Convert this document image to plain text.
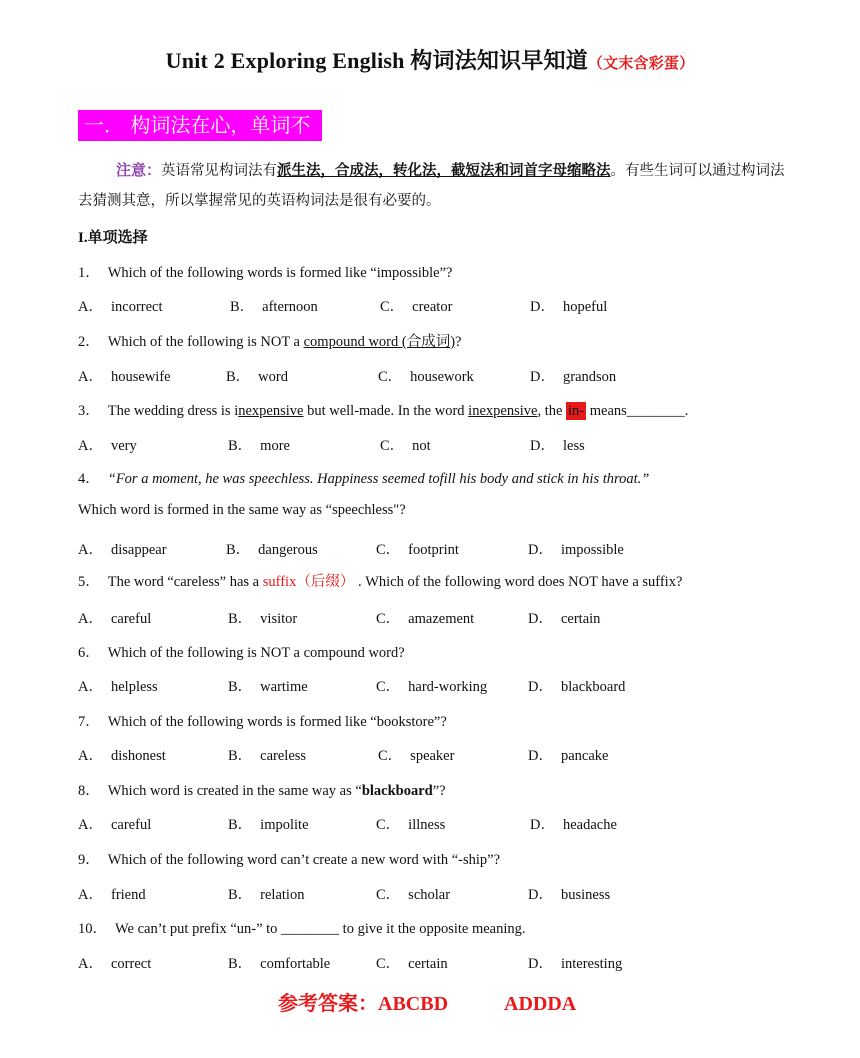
Unit 2 Exploring English 构词法知识早知道（文末含彩蛋）
一． 构词法在心，单词不愁
注意：英语常见构词法有派生法，合成法，转化法，截短法和词首字母缩略法。有些生词可以通过构词法去猜测其意，所以掌握常见的英语构词法是很有必要的。
I.单项选择
1． Which of the following words is formed like “impossible”?
A． incorrect	B． afternoon	C． creator	D． hopeful
2． Which of the following is NOT a compound word (合成词)?
A． housewife	B． word	C． housework	D． grandson
3． The wedding dress is inexpensive but well-made. In the word inexpensive, the in- means________.
A． very	B． more	C． not	D． less
4． “For a moment, he was speechless. Happiness seemed tofill his body and stick in his throat.”
Which word is formed in the same way as “speechless"?
A． disappear	B． dangerous	C． footprint	D． impossible
5． The word “careless” has a suffix（后缀） . Which of the following word does NOT have a suffix?
A． careful	B． visitor	C． amazement	D． certain
6． Which of the following is NOT a compound word?
A． helpless	B． wartime	C． hard-working	D． blackboard
7． Which of the following words is formed like “bookstore”?
A． dishonest	B． careless	C． speaker	D． pancake
8． Which word is created in the same way as “blackboard”?
A． careful	B． impolite	C． illness	D． headache
9． Which of the following word can’t create a new word with “-ship”?
A． friend	B． relation	C． scholar	D． business
10． We can’t put prefix “un-” to ________ to give it the opposite meaning.
A． correct	B． comfortable	C． certain	D． interesting
参考答案：ABCBD	ADDDA
